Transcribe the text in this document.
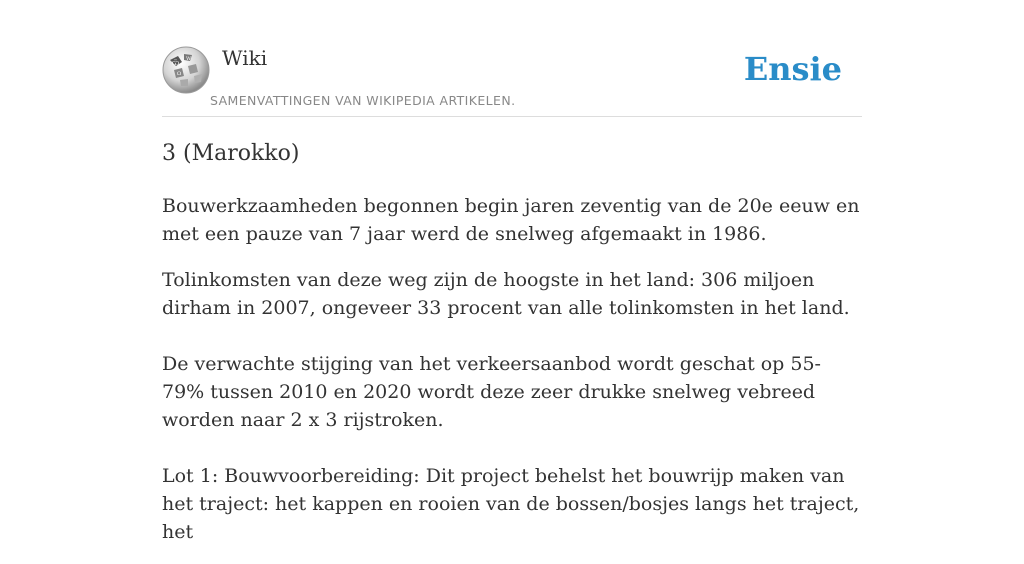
Ѿ
W
Ω
Wiki
SAMENVATTINGEN VAN WIKIPEDIA ARTIKELEN.
Ensie
3 (Marokko)

Bouwerkzaamheden begonnen begin jaren zeventig van de 20e eeuw en met een pauze van 7 jaar werd de snelweg afgemaakt in 1986.

Tolinkomsten van deze weg zijn de hoogste in het land: 306 miljoen dirham in 2007, ongeveer 33 procent van alle tolinkomsten in het land.

De verwachte stijging van het verkeersaanbod wordt geschat op 55-79% tussen 2010 en 2020 wordt deze zeer drukke snelweg vebreed worden naar 2 x 3 rijstroken.

Lot 1: Bouwvoorbereiding: Dit project behelst het bouwrijp maken van het traject: het kappen en rooien van de bossen/bosjes langs het traject, het
